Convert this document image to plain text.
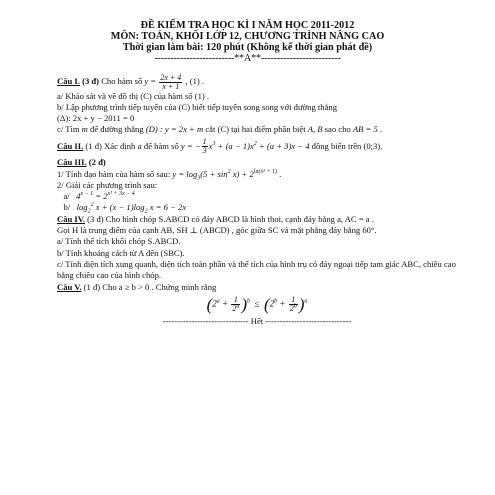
ĐỀ KIỂM TRA HỌC KÌ I NĂM HỌC 2011-2012
MÔN: TOÁN, KHỐI LỚP 12, CHƯƠNG TRÌNH NÂNG CAO
Thời gian làm bài: 120 phút (Không kể thời gian phát đề)
-------------------------**A**-------------------------
Câu I. (3 đ) Cho hàm số $y = \frac{2x + 4}{x + 1}$ , (1) .
a/ Khảo sát và vẽ đồ thị (C) của hàm số (1) .
b/ Lập phương trình tiếp tuyến của (C) biết tiếp tuyến song song với đường thẳng
(Δ): 2x + y − 2011 = 0
c/ Tìm m để đường thẳng (D) : y = 2x + m cắt (C) tại hai điểm phân biệt A, B sao cho AB = 5 .
Câu II. (1 đ) Xác định a để hàm số y = − $\frac{1}{3} x^3 + (a - 1)x^2 + (a + 3)x - 4$ đồng biến trên (0;3).
Câu III. (2 đ)
1/ Tính đạo hàm của hàm số sau: $y = \log_3(5 + \sin^2 x) + 2^{ln(x^2 + 1)}$ .
2/ Giải các phương trình sau:
a/ $4^{x - 1} = 2^{x^2 + 3x - 4}$
b/ $\log_2^2 x + (x - 1)\log_2$ x = 6 − 2x
Câu IV. (3 đ) Cho hình chóp S.ABCD có đáy ABCD là hình thoi, cạnh đáy bằng a, AC = a .
Gọi H là trung điểm của cạnh AB, SH ⊥ (ABCD) , góc giữa SC và mặt phẳng đáy bằng 60°.
a/ Tính thể tích khối chóp S.ABCD.
b/ Tính khoảng cách từ A đến (SBC).
c/ Tính diện tích xung quanh, diện tích toàn phần và thể tích của hình trụ có đáy ngoại tiếp tam giác ABC, chiều cao bằng chiều cao của hình chóp.
Câu V. (1 đ) Cho a ≥ b > 0 . Chứng minh rằng
$(2^a + \frac{1}{2^a} )^b \le (2^b + \frac{1}{2^b} )^a$
------------------------------ Hết ------------------------------
